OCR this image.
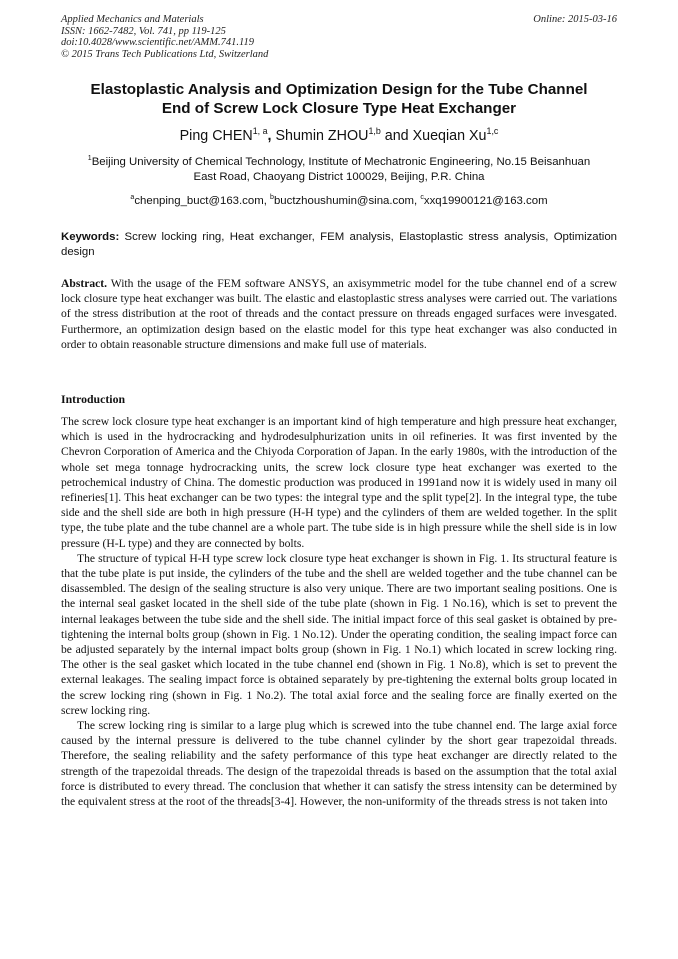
Applied Mechanics and Materials
ISSN: 1662-7482, Vol. 741, pp 119-125
doi:10.4028/www.scientific.net/AMM.741.119
© 2015 Trans Tech Publications Ltd, Switzerland
Online: 2015-03-16
Elastoplastic Analysis and Optimization Design for the Tube Channel
End of Screw Lock Closure Type Heat Exchanger
Ping CHEN$^{1, a}$, Shumin ZHOU$^{1,b}$ and Xueqian Xu$^{1,c}$
$^1$Beijing University of Chemical Technology, Institute of Mechatronic Engineering, No.15 Beisanhuan
East Road, Chaoyang District 100029, Beijing, P.R. China
$^a$chenping_buct@163.com, $^b$buctzhoushumin@sina.com, $^c$xxq19900121@163.com
Keywords: Screw locking ring, Heat exchanger, FEM analysis, Elastoplastic stress analysis, Optimization design
Abstract. With the usage of the FEM software ANSYS, an axisymmetric model for the tube channel end of a screw lock closure type heat exchanger was built. The elastic and elastoplastic stress analyses were carried out. The variations of the stress distribution at the root of threads and the contact pressure on threads engaged surfaces were invesgated. Furthermore, an optimization design based on the elastic model for this type heat exchanger was also conducted in order to obtain reasonable structure dimensions and make full use of materials.
Introduction

The screw lock closure type heat exchanger is an important kind of high temperature and high pressure heat exchanger, which is used in the hydrocracking and hydrodesulphurization units in oil refineries. It was first invented by the Chevron Corporation of America and the Chiyoda Corporation of Japan. In the early 1980s, with the introduction of the whole set mega tonnage hydrocracking units, the screw lock closure type heat exchanger was exerted to the petrochemical industry of China. The domestic production was produced in 1991and now it is widely used in many oil refineries[1]. This heat exchanger can be two types: the integral type and the split type[2]. In the integral type, the tube side and the shell side are both in high pressure (H-H type) and the cylinders of them are welded together. In the split type, the tube plate and the tube channel are a whole part. The tube side is in high pressure while the shell side is in low pressure (H-L type) and they are connected by bolts.

The structure of typical H-H type screw lock closure type heat exchanger is shown in Fig. 1. Its structural feature is that the tube plate is put inside, the cylinders of the tube and the shell are welded together and the tube channel can be disassembled. The design of the sealing structure is also very unique. There are two important sealing positions. One is the internal seal gasket located in the shell side of the tube plate (shown in Fig. 1 No.16), which is set to prevent the internal leakages between the tube side and the shell side. The initial impact force of this seal gasket is obtained by pre-tightening the internal bolts group (shown in Fig. 1 No.12). Under the operating condition, the sealing impact force can be adjusted separately by the internal impact bolts group (shown in Fig. 1 No.1) which located in screw locking ring. The other is the seal gasket which located in the tube channel end (shown in Fig. 1 No.8), which is set to prevent the external leakages. The sealing impact force is obtained separately by pre-tightening the external bolts group located in the screw locking ring (shown in Fig. 1 No.2). The total axial force and the sealing force are finally exerted on the screw locking ring.

The screw locking ring is similar to a large plug which is screwed into the tube channel end. The large axial force caused by the internal pressure is delivered to the tube channel cylinder by the short gear trapezoidal threads. Therefore, the sealing reliability and the safety performance of this type heat exchanger are directly related to the strength of the trapezoidal threads. The design of the trapezoidal threads is based on the assumption that the total axial force is distributed to every thread. The conclusion that whether it can satisfy the stress intensity can be determined by the equivalent stress at the root of the threads[3-4]. However, the non-uniformity of the threads stress is not taken into
